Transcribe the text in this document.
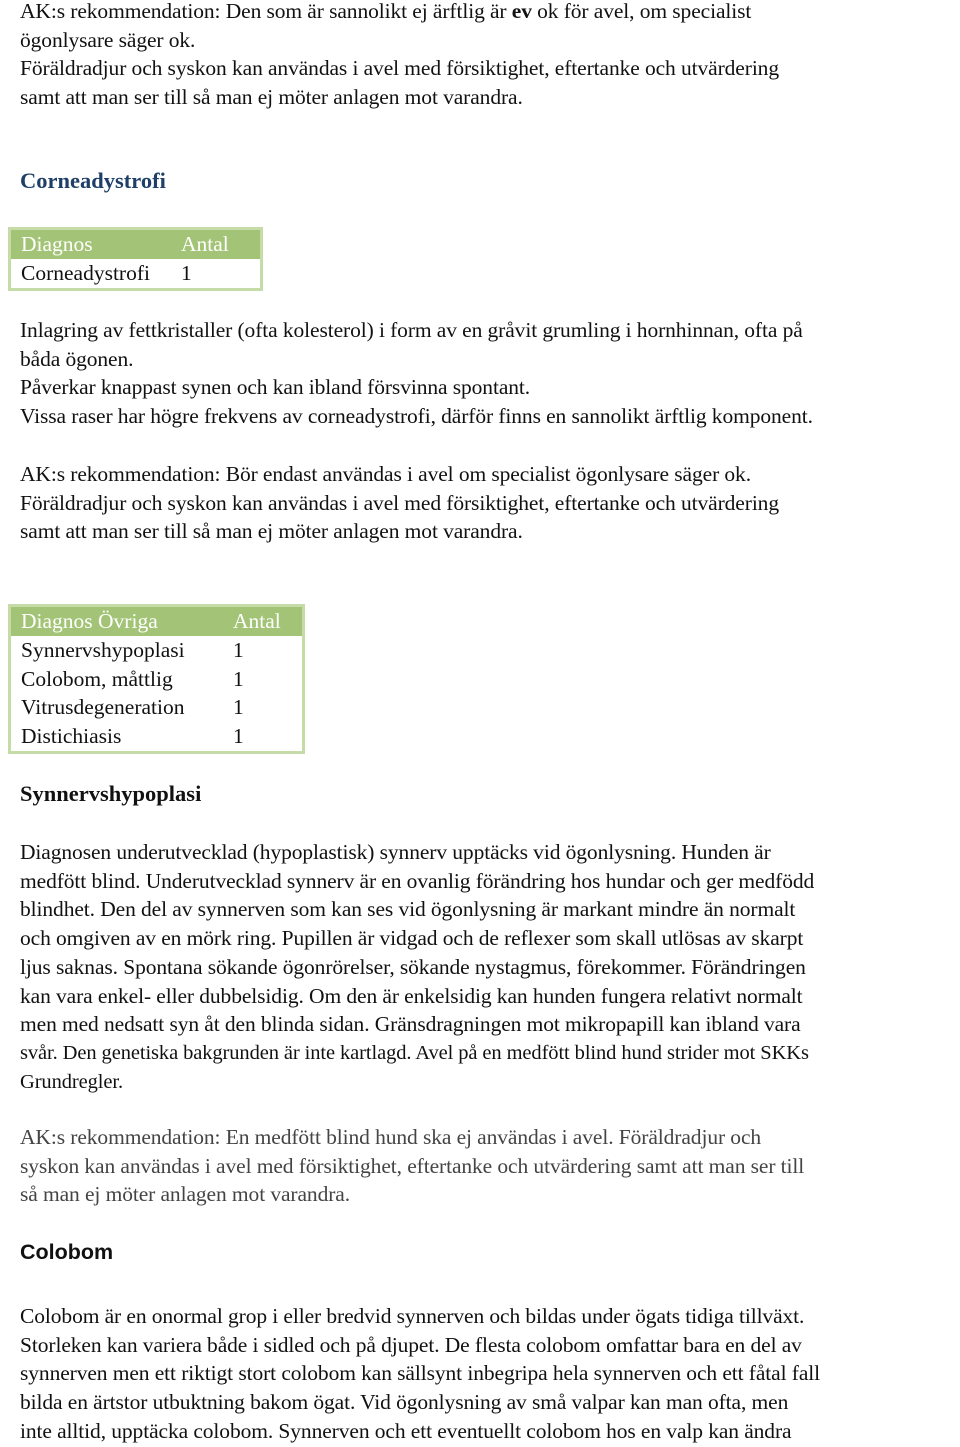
AK:s rekommendation: Den som är sannolikt ej ärftlig är ev ok för avel, om specialist

ögonlysare säger ok.

Föräldradjur och syskon kan användas i avel med försiktighet, eftertanke och utvärdering

samt att man ser till så man ej möter anlagen mot varandra.

Corneadystrofi
Diagnos	Antal
Corneadystrofi	1

Inlagring av fettkristaller (ofta kolesterol) i form av en gråvit grumling i hornhinnan, ofta på

båda ögonen.

Påverkar knappast synen och kan ibland försvinna spontant.

Vissa raser har högre frekvens av corneadystrofi, därför finns en sannolikt ärftlig komponent.

AK:s rekommendation: Bör endast användas i avel om specialist ögonlysare säger ok.

Föräldradjur och syskon kan användas i avel med försiktighet, eftertanke och utvärdering

samt att man ser till så man ej möter anlagen mot varandra.

Diagnos Övriga	Antal
Synnervshypoplasi	1
Colobom, måttlig	1
Vitrusdegeneration	1
Distichiasis	1
Synnervshypoplasi

Diagnosen underutvecklad (hypoplastisk) synnerv upptäcks vid ögonlysning. Hunden är

medfött blind. Underutvecklad synnerv är en ovanlig förändring hos hundar och ger medfödd

blindhet. Den del av synnerven som kan ses vid ögonlysning är markant mindre än normalt

och omgiven av en mörk ring. Pupillen är vidgad och de reflexer som skall utlösas av skarpt

ljus saknas. Spontana sökande ögonrörelser, sökande nystagmus, förekommer. Förändringen

kan vara enkel- eller dubbelsidig. Om den är enkelsidig kan hunden fungera relativt normalt

men med nedsatt syn åt den blinda sidan. Gränsdragningen mot mikropapill kan ibland vara

svår. Den genetiska bakgrunden är inte kartlagd. Avel på en medfött blind hund strider mot SKKs

Grundregler.

AK:s rekommendation: En medfött blind hund ska ej användas i avel. Föräldradjur och

syskon kan användas i avel med försiktighet, eftertanke och utvärdering samt att man ser till

så man ej möter anlagen mot varandra.

Colobom

Colobom är en onormal grop i eller bredvid synnerven och bildas under ögats tidiga tillväxt.

Storleken kan variera både i sidled och på djupet. De flesta colobom omfattar bara en del av

synnerven men ett riktigt stort colobom kan sällsynt inbegripa hela synnerven och ett fåtal fall

bilda en ärtstor utbuktning bakom ögat. Vid ögonlysning av små valpar kan man ofta, men

inte alltid, upptäcka colobom. Synnerven och ett eventuellt colobom hos en valp kan ändra
